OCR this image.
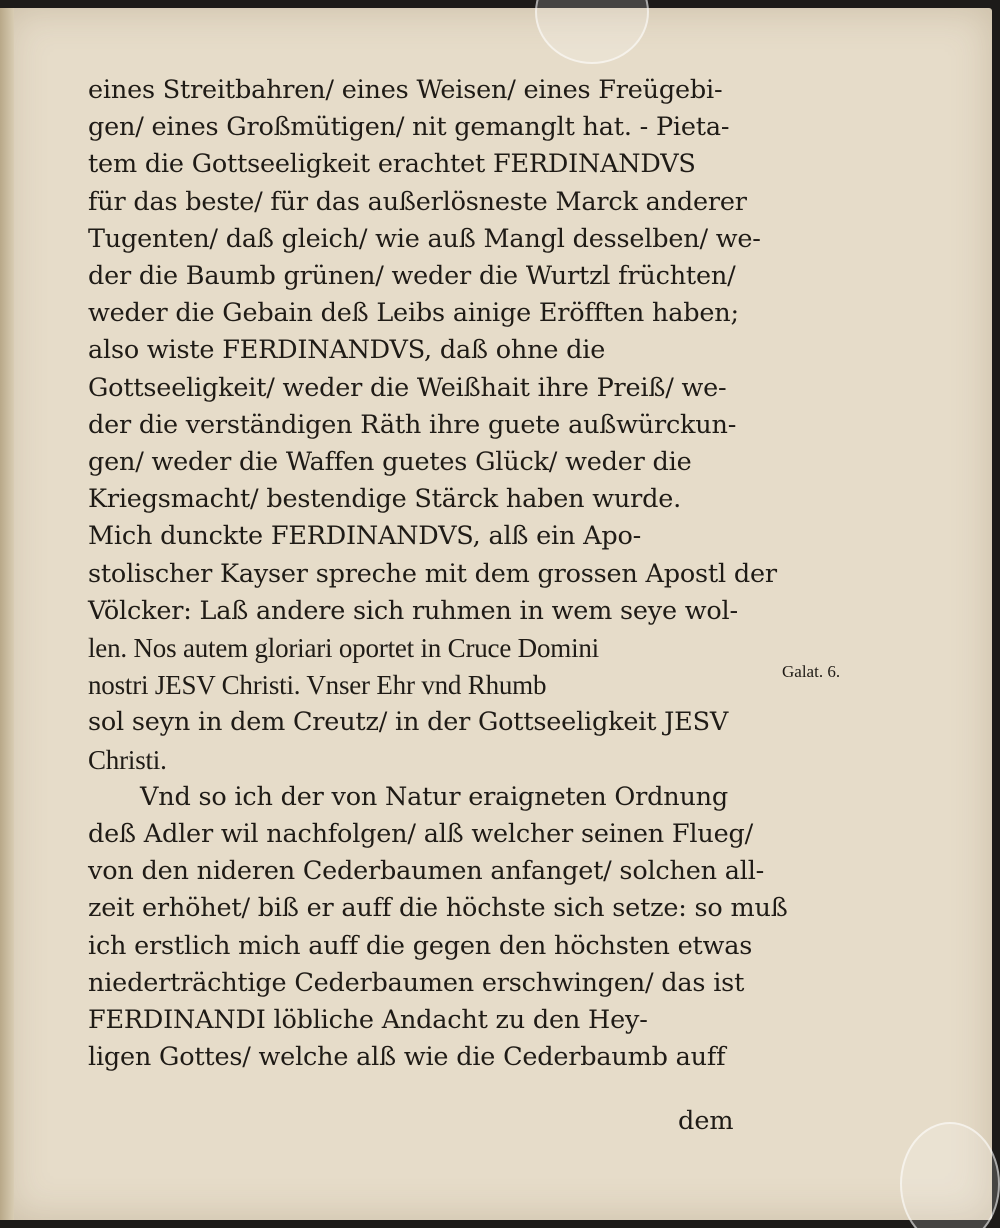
eines Streitbahren/ eines Weisen/ eines Freügebi-
gen/ eines Großmütigen/ nit gemanglt hat. - Pieta-
tem die Gottseeligkeit erachtet FERDINANDVS
für das beste/ für das außerlösneste Marck anderer
Tugenten/ daß gleich/ wie auß Mangl desselben/ we-
der die Baumb grünen/ weder die Wurtzl früchten/
weder die Gebain deß Leibs ainige Eröfften haben;
also wiste FERDINANDVS, daß ohne die
Gottseeligkeit/ weder die Weißhait ihre Preiß/ we-
der die verständigen Räth ihre guete außwürckun-
gen/ weder die Waffen guetes Glück/ weder die
Kriegsmacht/ bestendige Stärck haben wurde.
Mich dunckte FERDINANDVS, alß ein Apo-
stolischer Kayser spreche mit dem grossen Apostl der
Völcker: Laß andere sich ruhmen in wem seye wol-
len. Nos autem gloriari oportet in Cruce Domini
nostri JESV Christi. Vnser Ehr vnd Rhumb
sol seyn in dem Creutz/ in der Gottseeligkeit JESV
Christi.
Vnd so ich der von Natur eraigneten Ordnung
deß Adler wil nachfolgen/ alß welcher seinen Flueg/
von den nideren Cederbaumen anfanget/ solchen all-
zeit erhöhet/ biß er auff die höchste sich setze: so muß
ich erstlich mich auff die gegen den höchsten etwas
niederträchtige Cederbaumen erschwingen/ das ist
FERDINANDI löbliche Andacht zu den Hey-
ligen Gottes/ welche alß wie die Cederbaumb auff
Galat. 6.
dem
